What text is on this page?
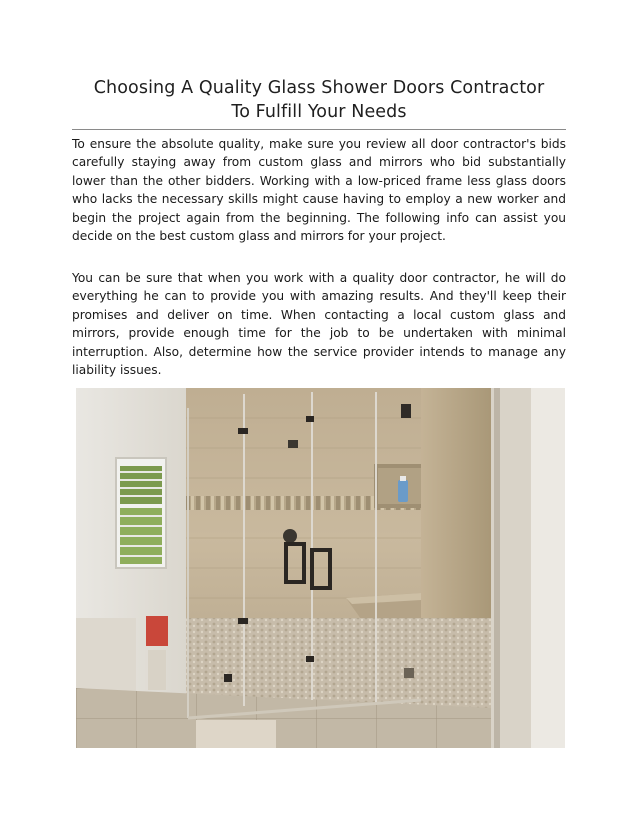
Choosing A Quality Glass Shower Doors Contractor
To Fulfill Your Needs

To ensure the absolute quality, make sure you review all door contractor's bids carefully staying away from custom glass and mirrors who bid substantially lower than the other bidders. Working with a low-priced frame less glass doors who lacks the necessary skills might cause having to employ a new worker and begin the project again from the beginning. The following info can assist you decide on the best custom glass and mirrors for your project.

You can be sure that when you work with a quality door contractor, he will do everything he can to provide you with amazing results. And they'll keep their promises and deliver on time. When contacting a local custom glass and mirrors, provide enough time for the job to be undertaken with minimal interruption. Also, determine how the service provider intends to manage any liability issues.
